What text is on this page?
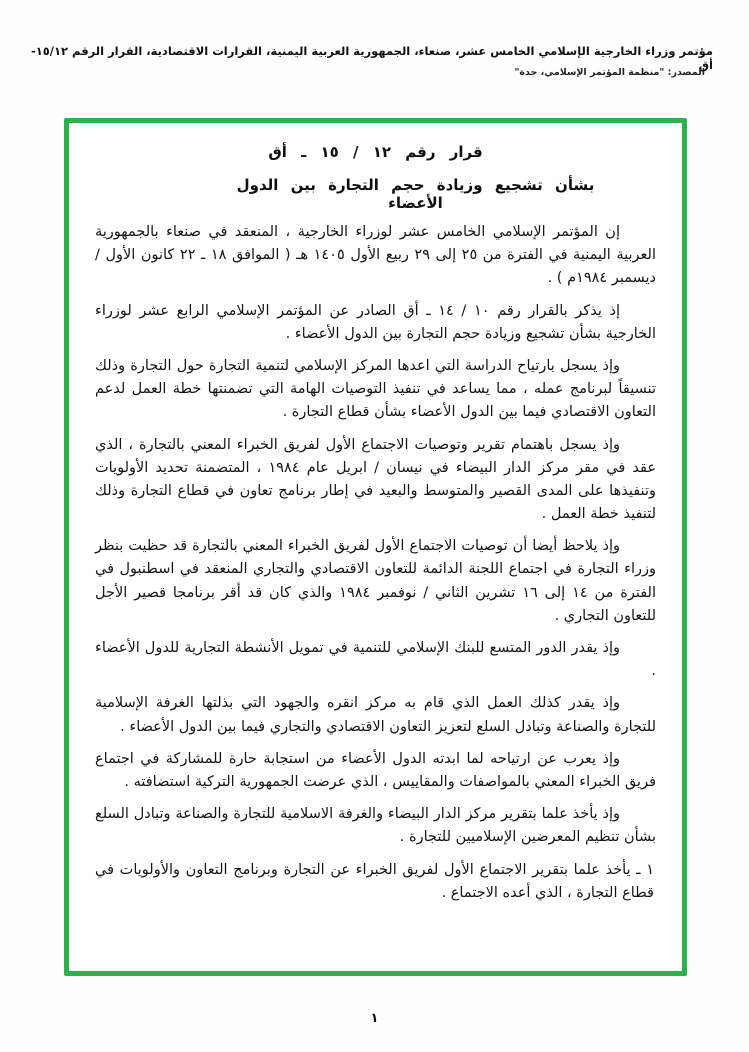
مؤتمر وزراء الخارجية الإسلامي الخامس عشر، صنعاء، الجمهورية العربية اليمنية، القرارات الاقتصادية، القرار الرقم ١٥/١٢-أق
المصدر: "منظمة المؤتمر الإسلامي، جدة"
قرار رقم ١٢ / ١٥ ـ أق
بشأن تشجيع وزيادة حجم التجارة بين الدول الأعضاء

إن المؤتمر الإسلامي الخامس عشر لوزراء الخارجية ، المنعقد في صنعاء بالجمهورية العربية اليمنية في الفترة من ٢٥ إلى ٢٩ ربيع الأول ١٤٠٥ هـ ( الموافق ١٨ ـ ٢٢ كانون الأول / ديسمبر ١٩٨٤م ) .

إذ يذكر بالقرار رقم ١٠ / ١٤ ـ أق الصادر عن المؤتمر الإسلامي الرابع عشر لوزراء الخارجية بشأن تشجيع وزيادة حجم التجارة بين الدول الأعضاء .

وإذ يسجل بارتياح الدراسة التي اعدها المركز الإسلامي لتنمية التجارة حول التجارة وذلك تنسيقاً لبرنامج عمله ، مما يساعد في تنفيذ التوصيات الهامة التي تضمنتها خطة العمل لدعم التعاون الاقتصادي فيما بين الدول الأعضاء بشأن قطاع التجارة .

وإذ يسجل باهتمام تقرير وتوصيات الاجتماع الأول لفريق الخبراء المعني بالتجارة ، الذي عقد في مقر مركز الدار البيضاء في نيسان / ابريل عام ١٩٨٤ ، المتضمنة تحديد الأولويات وتنفيذها على المدى القصير والمتوسط والبعيد في إطار برنامج تعاون في قطاع التجارة وذلك لتنفيذ خطة العمل .

وإذ يلاحظ أيضا أن توصيات الاجتماع الأول لفريق الخبراء المعني بالتجارة قد حظيت بنظر وزراء التجارة في اجتماع اللجنة الدائمة للتعاون الاقتصادي والتجاري المنعقد في اسطنبول في الفترة من ١٤ إلى ١٦ تشرين الثاني / نوفمبر ١٩٨٤ والذي كان قد أقر برنامجا قصير الأجل للتعاون التجاري .

وإذ يقدر الدور المتسع للبنك الإسلامي للتنمية في تمويل الأنشطة التجارية للدول الأعضاء .

وإذ يقدر كذلك العمل الذي قام به مركز انقره والجهود التي بذلتها الغرفة الإسلامية للتجارة والصناعة وتبادل السلع لتعزيز التعاون الاقتصادي والتجاري فيما بين الدول الأعضاء .

وإذ يعرب عن ارتياحه لما ابدته الدول الأعضاء من استجابة حارة للمشاركة في اجتماع فريق الخبراء المعني بالمواصفات والمقاييس ، الذي عرضت الجمهورية التركية استضافته .

وإذ يأخذ علما بتقرير مركز الدار البيضاء والغرفة الاسلامية للتجارة والصناعة وتبادل السلع بشأن تنظيم المعرضين الإسلاميين للتجارة .

١ ـ يأخذ علما بتقرير الاجتماع الأول لفريق الخبراء عن التجارة وبرنامج التعاون والأولويات في قطاع التجارة ، الذي أعده الاجتماع .

١
